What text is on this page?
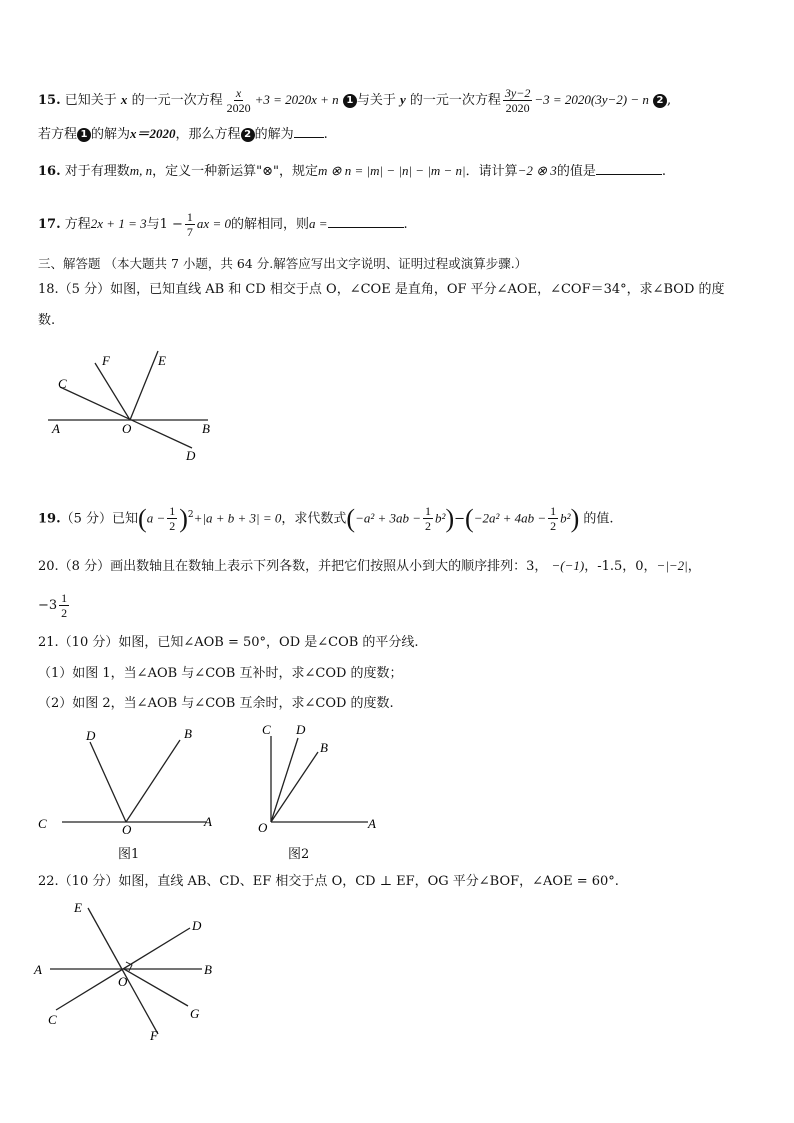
15. 已知关于 x 的一元一次方程 $\frac{x}{2020} +3 = 2020x + n$ 1 与关于 y 的一元一次方程 $\frac{3y-2}{2020} -3 = 2020(3y-2) - n$ 2 ,
若方程 1 的解为x＝2020，那么方程 2 的解为 .
16. 对于有理数m, n，定义一种新运算"⊗"，规定m ⊗ n = |m| − |n| − |m − n|．请计算−2 ⊗ 3的值是	.
17. 方程2x + 1 = 3与$1 - \frac{1}{7}$ ax = 0的解相同，则a =	.
三、解答题 （本大题共 7 小题，共 64 分.解答应写出文字说明、证明过程或演算步骤.）
18.（5 分）如图，已知直线 AB 和 CD 相交于点 O，∠COE 是直角，OF 平分∠AOE，∠COF＝34°，求∠BOD 的度
数.
A	O	B
C
D
E
F
19.（5 分）已知$(a - \frac{1}{2} )^2+|a + b + 3| = 0$，求代数式$(-a^2 + 3ab - \frac{1}{2} b^2)-(-2a^2 + 4ab - \frac{1}{2} b^2)$ 的值.
20.（8 分）画出数轴且在数轴上表示下列各数，并把它们按照从小到大的顺序排列：3， −(−1)，-1.5，0，−|−2|，
$-3 \frac{1}{2}$
21.（10 分）如图，已知∠AOB = 50°，OD 是∠COB 的平分线.
（1）如图 1，当∠AOB 与∠COB 互补时，求∠COD 的度数；
（2）如图 2，当∠AOB 与∠COB 互余时，求∠COD 的度数.
C	O
A
D	B
图1
O	A
C D
B
图2
22.（10 分）如图，直线 AB、CD、EF 相交于点 O，CD ⊥ EF，OG 平分∠BOF，∠AOE = 60°.
A	B
C
D
E
F
G
O
